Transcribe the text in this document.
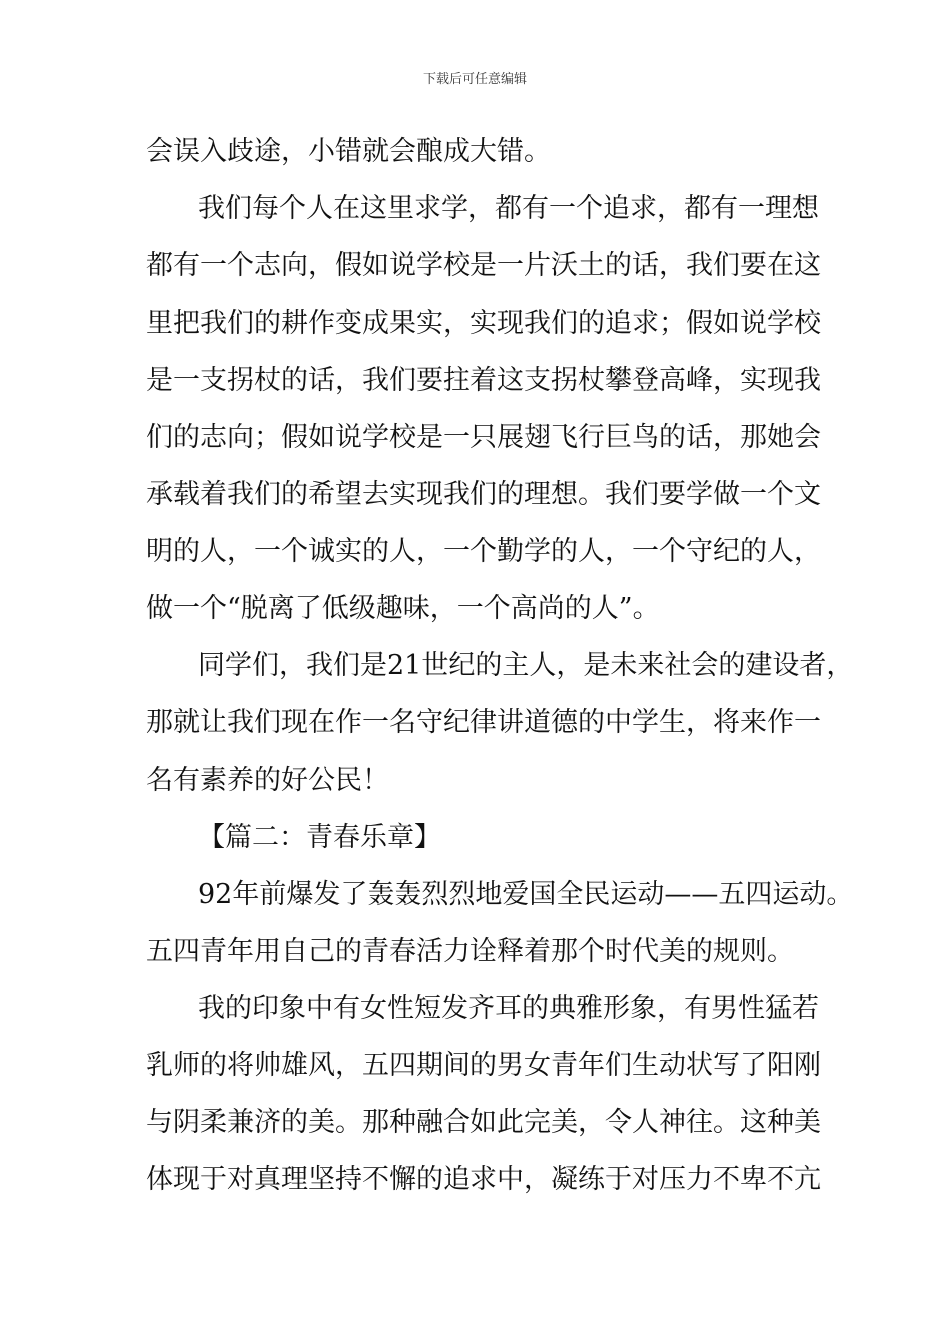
下载后可任意编辑
会误入歧途，小错就会酿成大错。
我们每个人在这里求学，都有一个追求，都有一理想
都有一个志向，假如说学校是一片沃土的话，我们要在这
里把我们的耕作变成果实，实现我们的追求；假如说学校
是一支拐杖的话，我们要拄着这支拐杖攀登高峰，实现我
们的志向；假如说学校是一只展翅飞行巨鸟的话，那她会
承载着我们的希望去实现我们的理想。我们要学做一个文
明的人，一个诚实的人，一个勤学的人，一个守纪的人，
做一个“脱离了低级趣味，一个高尚的人”。
同学们，我们是21世纪的主人，是未来社会的建设者，
那就让我们现在作一名守纪律讲道德的中学生，将来作一
名有素养的好公民！
【篇二：青春乐章】
92年前爆发了轰轰烈烈地爱国全民运动——五四运动。
五四青年用自己的青春活力诠释着那个时代美的规则。
我的印象中有女性短发齐耳的典雅形象，有男性猛若
乳师的将帅雄风，五四期间的男女青年们生动状写了阳刚
与阴柔兼济的美。那种融合如此完美，令人神往。这种美
体现于对真理坚持不懈的追求中，凝练于对压力不卑不亢
